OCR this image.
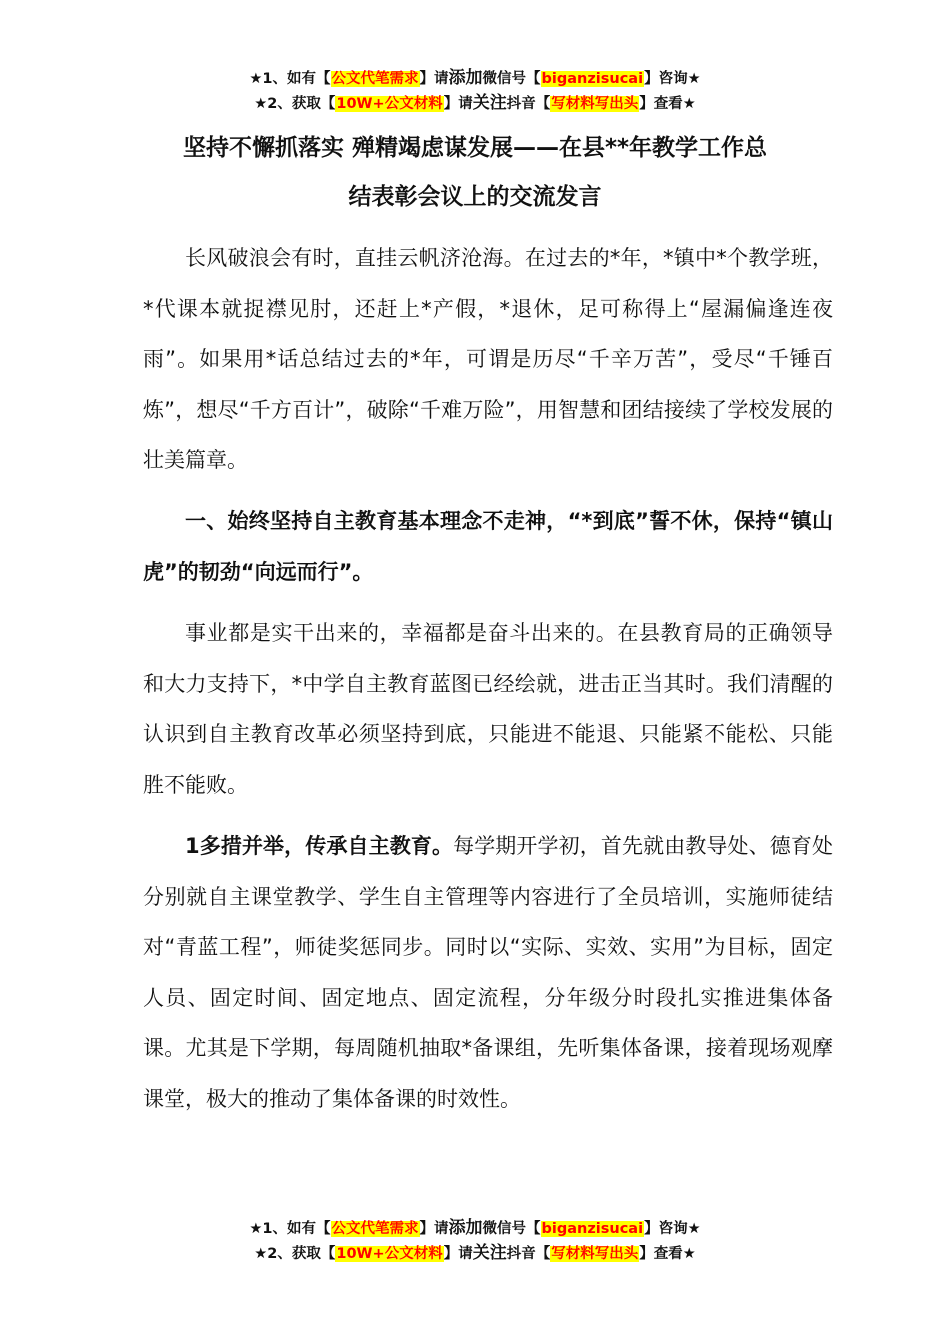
★1、如有【公文代笔需求】请添加微信号【biganzisucai】咨询★
★2、获取【10W+公文材料】请关注抖音【写材料写出头】查看★
坚持不懈抓落实 殚精竭虑谋发展——在县**年教学工作总
结表彰会议上的交流发言

长风破浪会有时，直挂云帆济沧海。在过去的*年，*镇中*个教学班，*代课本就捉襟见肘，还赶上*产假，*退休，足可称得上“屋漏偏逢连夜雨”。如果用*话总结过去的*年，可谓是历尽“千辛万苦”，受尽“千锤百炼”，想尽“千方百计”，破除“千难万险”，用智慧和团结接续了学校发展的壮美篇章。

一、始终坚持自主教育基本理念不走神，“*到底”誓不休，保持“镇山虎”的韧劲“向远而行”。

事业都是实干出来的，幸福都是奋斗出来的。在县教育局的正确领导和大力支持下，*中学自主教育蓝图已经绘就，进击正当其时。我们清醒的认识到自主教育改革必须坚持到底，只能进不能退、只能紧不能松、只能胜不能败。

1多措并举，传承自主教育。每学期开学初，首先就由教导处、德育处分别就自主课堂教学、学生自主管理等内容进行了全员培训，实施师徒结对“青蓝工程”，师徒奖惩同步。同时以“实际、实效、实用”为目标，固定人员、固定时间、固定地点、固定流程，分年级分时段扎实推进集体备课。尤其是下学期，每周随机抽取*备课组，先听集体备课，接着现场观摩课堂，极大的推动了集体备课的时效性。

★1、如有【公文代笔需求】请添加微信号【biganzisucai】咨询★
★2、获取【10W+公文材料】请关注抖音【写材料写出头】查看★
